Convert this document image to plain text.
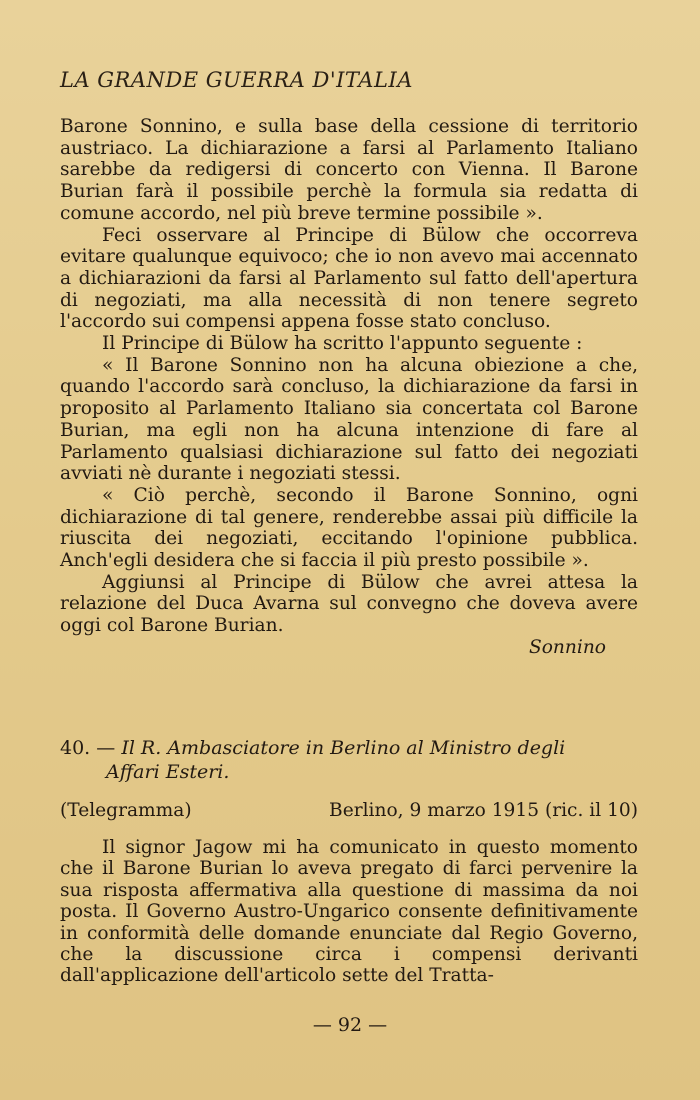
LA GRANDE GUERRA D'ITALIA

Barone Sonnino, e sulla base della cessione di territorio austriaco. La dichiarazione a farsi al Parlamento Italiano sarebbe da redigersi di concerto con Vienna. Il Barone Burian farà il possibile perchè la formula sia redatta di comune accordo, nel più breve termine possibile ».

Feci osservare al Principe di Bülow che occorreva evitare qualunque equivoco; che io non avevo mai accennato a dichiarazioni da farsi al Parlamento sul fatto dell'apertura di negoziati, ma alla necessità di non tenere segreto l'accordo sui compensi appena fosse stato concluso.

Il Principe di Bülow ha scritto l'appunto seguente :

« Il Barone Sonnino non ha alcuna obiezione a che, quando l'accordo sarà concluso, la dichiarazione da farsi in proposito al Parlamento Italiano sia concertata col Barone Burian, ma egli non ha alcuna intenzione di fare al Parlamento qualsiasi dichiarazione sul fatto dei negoziati avviati nè durante i negoziati stessi.

« Ciò perchè, secondo il Barone Sonnino, ogni dichiarazione di tal genere, renderebbe assai più difficile la riuscita dei negoziati, eccitando l'opinione pubblica. Anch'egli desidera che si faccia il più presto possibile ».

Aggiunsi al Principe di Bülow che avrei attesa la relazione del Duca Avarna sul convegno che doveva avere oggi col Barone Burian.

Sonnino

40. — Il R. Ambasciatore in Berlino al Ministro degli
Affari Esteri.
(Telegramma)	Berlino, 9 marzo 1915 (ric. il 10)

Il signor Jagow mi ha comunicato in questo momento che il Barone Burian lo aveva pregato di farci pervenire la sua risposta affermativa alla questione di massima da noi posta. Il Governo Austro-Ungarico consente definitivamente in conformità delle domande enunciate dal Regio Governo, che la discussione circa i compensi derivanti dall'applicazione dell'articolo sette del Tratta-

— 92 —
